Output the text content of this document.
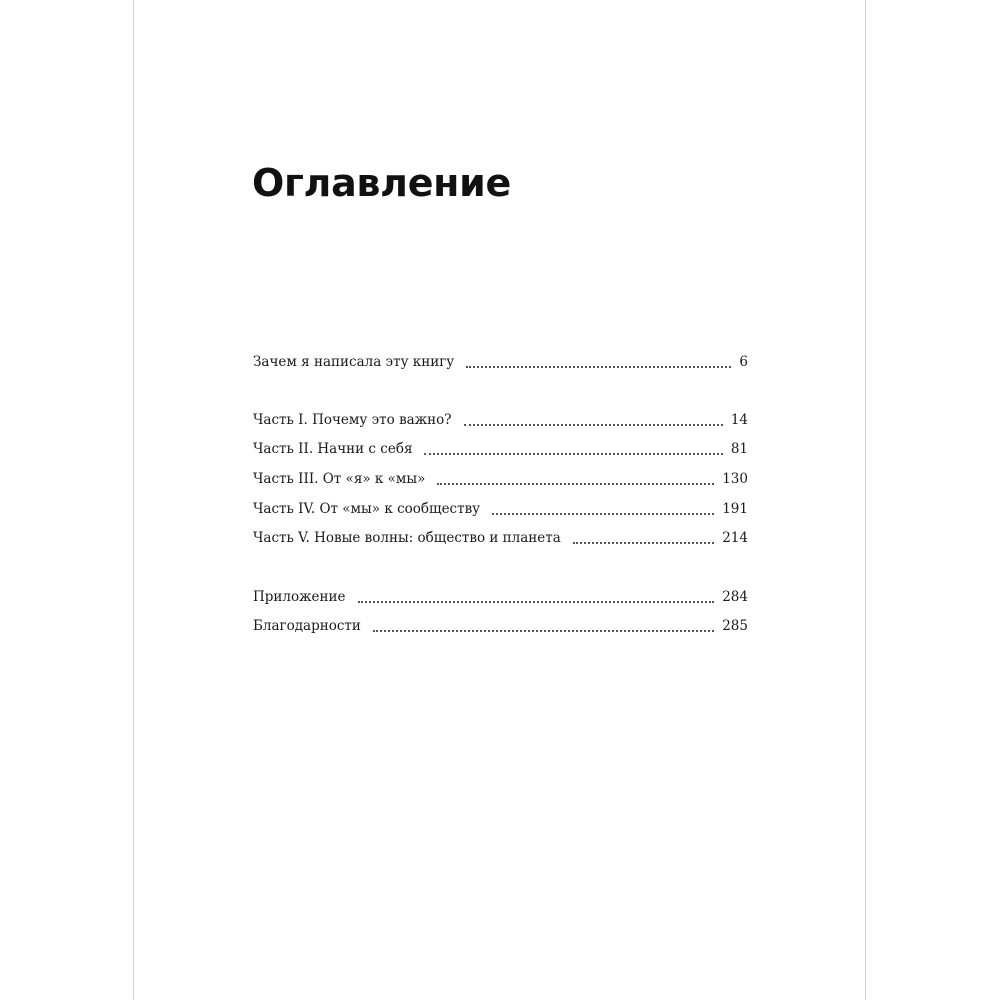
Оглавление
Зачем я написала эту книгу	6
Часть I. Почему это важно?	14
Часть II. Начни с себя	81
Часть III. От «я» к «мы»	130
Часть IV. От «мы» к сообществу	191
Часть V. Новые волны: общество и планета	214
Приложение	284
Благодарности	285
